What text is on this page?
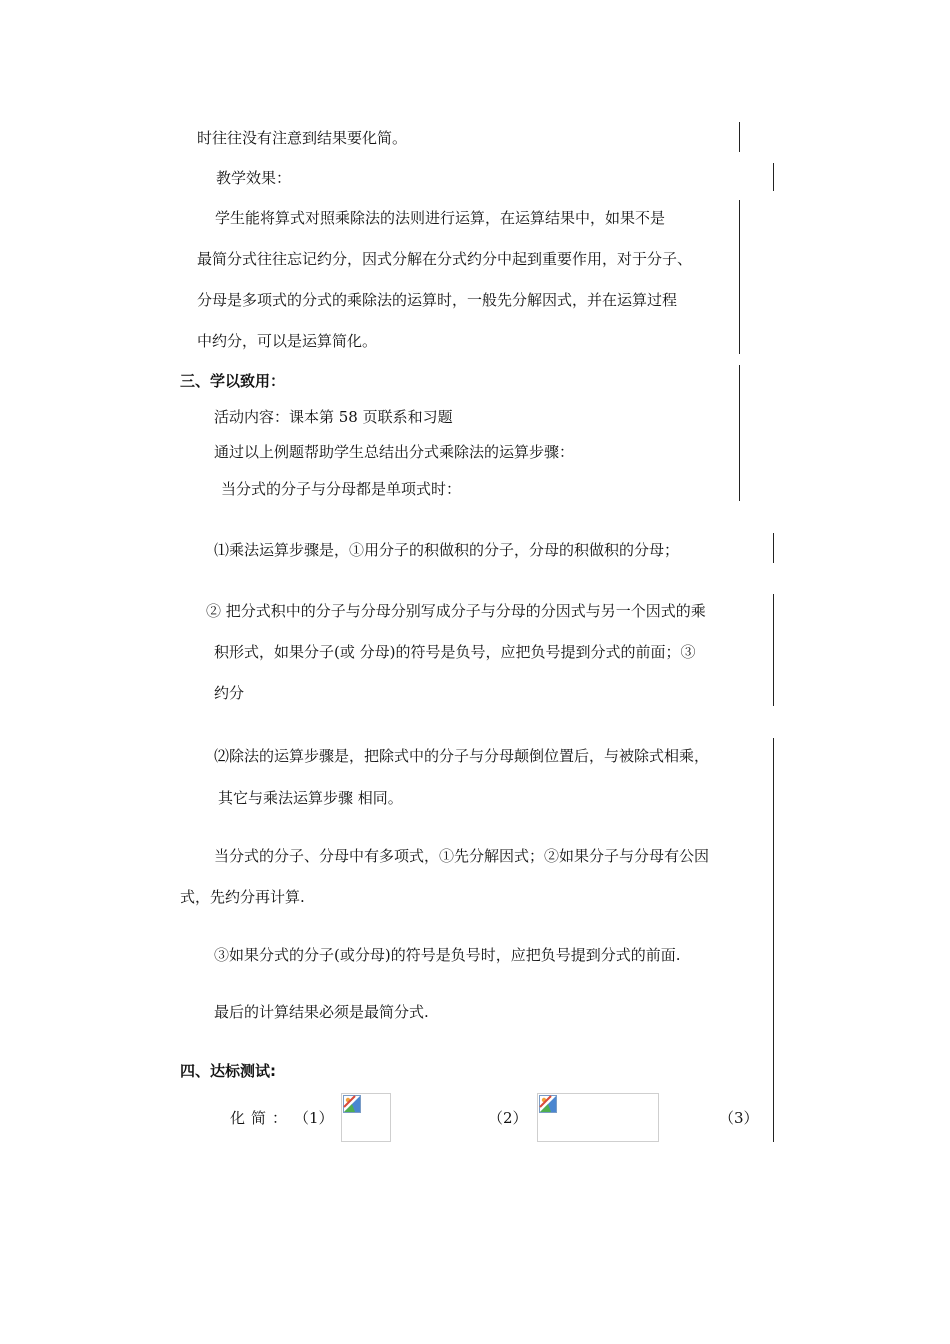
时往往没有注意到结果要化简。
教学效果：
学生能将算式对照乘除法的法则进行运算，在运算结果中，如果不是
最简分式往往忘记约分，因式分解在分式约分中起到重要作用，对于分子、
分母是多项式的分式的乘除法的运算时，一般先分解因式，并在运算过程
中约分，可以是运算简化。
三、学以致用：
活动内容：课本第 58 页联系和习题
通过以上例题帮助学生总结出分式乘除法的运算步骤：
当分式的分子与分母都是单项式时：
⑴乘法运算步骤是，①用分子的积做积的分子，分母的积做积的分母；
② 把分式积中的分子与分母分别写成分子与分母的分因式与另一个因式的乘
积形式，如果分子(或 分母)的符号是负号，应把负号提到分式的前面；③
约分
⑵除法的运算步骤是，把除式中的分子与分母颠倒位置后，与被除式相乘，
其它与乘法运算步骤 相同。
当分式的分子、分母中有多项式，①先分解因式；②如果分子与分母有公因
式，先约分再计算.
③如果分式的分子(或分母)的符号是负号时，应把负号提到分式的前面.
最后的计算结果必须是最简分式.
四、达标测试:
化简： （1）	（2）	（3）
